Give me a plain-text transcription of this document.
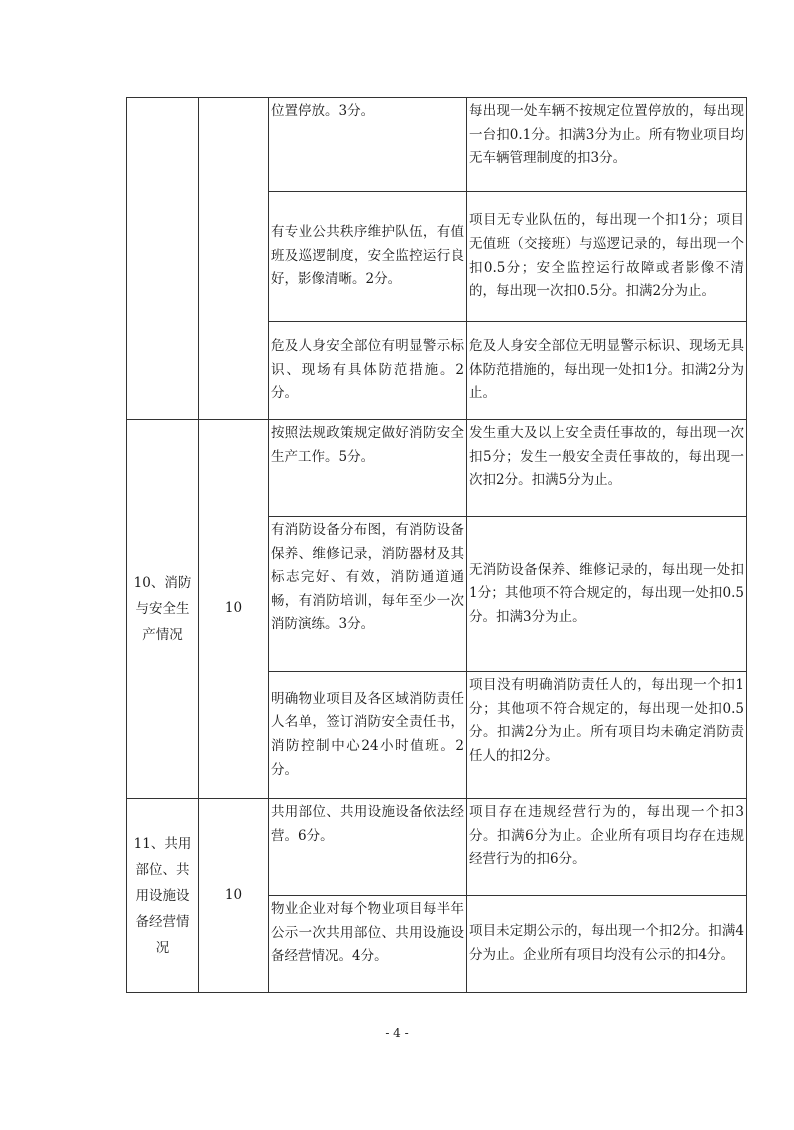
		位置停放。3分。	每出现一处车辆不按规定位置停放的，每出现一台扣0.1分。扣满3分为止。所有物业项目均无车辆管理制度的扣3分。
		有专业公共秩序维护队伍，有值班及巡逻制度，安全监控运行良好，影像清晰。2分。	项目无专业队伍的，每出现一个扣1分；项目无值班（交接班）与巡逻记录的，每出现一个扣0.5分；安全监控运行故障或者影像不清的，每出现一次扣0.5分。扣满2分为止。
		危及人身安全部位有明显警示标识、现场有具体防范措施。2分。	危及人身安全部位无明显警示标识、现场无具体防范措施的，每出现一处扣1分。扣满2分为止。
10、消防与安全生产情况	10	按照法规政策规定做好消防安全生产工作。5分。	发生重大及以上安全责任事故的，每出现一次扣5分；发生一般安全责任事故的，每出现一次扣2分。扣满5分为止。
		有消防设备分布图，有消防设备保养、维修记录，消防器材及其标志完好、有效，消防通道通畅，有消防培训，每年至少一次消防演练。3分。	无消防设备保养、维修记录的，每出现一处扣1分；其他项不符合规定的，每出现一处扣0.5分。扣满3分为止。
		明确物业项目及各区域消防责任人名单，签订消防安全责任书，消防控制中心24小时值班。2分。	项目没有明确消防责任人的，每出现一个扣1分；其他项不符合规定的，每出现一处扣0.5分。扣满2分为止。所有项目均未确定消防责任人的扣2分。
11、共用部位、共用设施设备经营情况	10	共用部位、共用设施设备依法经营。6分。	项目存在违规经营行为的，每出现一个扣3分。扣满6分为止。企业所有项目均存在违规经营行为的扣6分。
		物业企业对每个物业项目每半年公示一次共用部位、共用设施设备经营情况。4分。	项目未定期公示的，每出现一个扣2分。扣满4分为止。企业所有项目均没有公示的扣4分。
- 4 -
